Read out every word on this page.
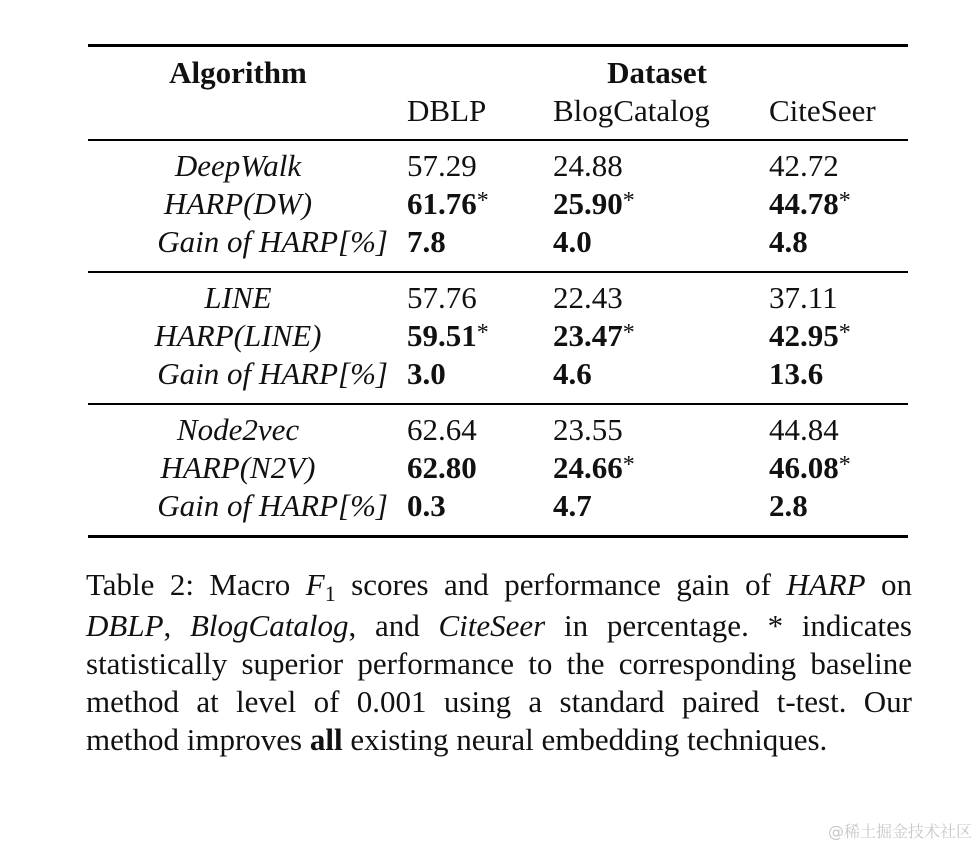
Algorithm	Dataset
DBLP BlogCatalog CiteSeer
DeepWalk	57.29 24.88	42.72
HARP(DW)	61.76* 25.90*	44.78*
Gain of HARP[%] 7.8	4.0	4.8
LINE	57.76 22.43	37.11
HARP(LINE)	59.51* 23.47*	42.95*
Gain of HARP[%] 3.0	4.6	13.6
Node2vec	62.64 23.55	44.84
HARP(N2V)	62.80 24.66*	46.08*
Gain of HARP[%] 0.3	4.7	2.8
Table 2: Macro F1 scores and performance gain of HARP on DBLP, BlogCatalog, and CiteSeer in percentage. * indicates statistically superior performance to the corresponding baseline method at level of 0.001 using a standard paired t-test. Our method improves all existing neural embedding techniques.
@稀土掘金技术社区
